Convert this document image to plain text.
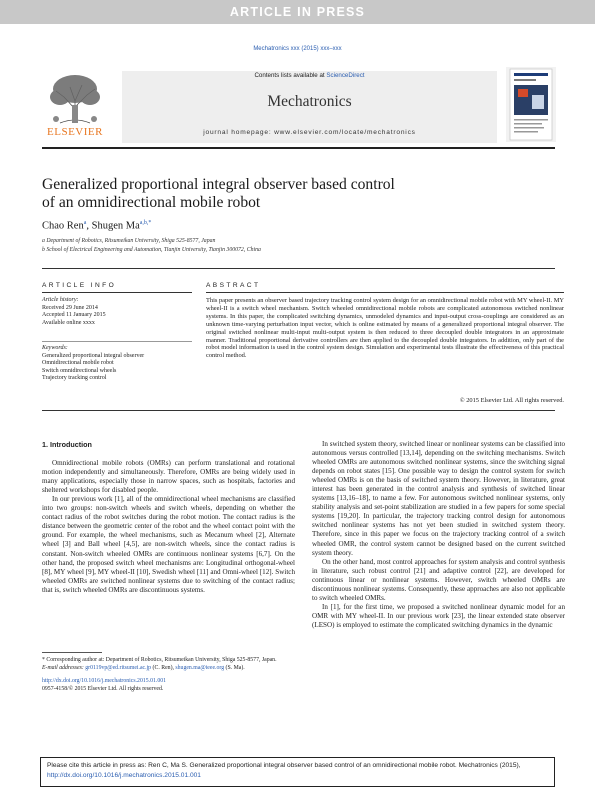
ARTICLE IN PRESS
Mechatronics xxx (2015) xxx–xxx
ELSEVIER
Contents lists available at ScienceDirect
Mechatronics
journal homepage: www.elsevier.com/locate/mechatronics
Generalized proportional integral observer based control
of an omnidirectional mobile robot
Chao Ren$^a$, Shugen $Ma^{a,b,*}$
a Department of Robotics, Ritsumeikan University, Shiga 525-8577, Japan
b School of Electrical Engineering and Automation, Tianjin University, Tianjin 300072, China
ARTICLE INFO	ABSTRACT
Article history:
Received 29 June 2014
Accepted 11 January 2015
Available online xxxx
Keywords:
Generalized proportional integral observer
Omnidirectional mobile robot
Switch omnidirectional wheels
Trajectory tracking control
This paper presents an observer based trajectory tracking control system design for an omnidirectional mobile robot with MY wheel-II. MY wheel-II is a switch wheel mechanism. Switch wheeled omnidirectional mobile robots are complicated autonomous switched nonlinear systems. In this paper, the complicated switching dynamics, unmodeled dynamics and input-output cross-couplings are considered as an unknown time-varying perturbation input vector, which is online estimated by means of a generalized proportional integral observer. The original switched nonlinear multi-input multi-output system is then reduced to three decoupled double integrators in an approximate manner. Traditional proportional derivative controllers are then applied to the decoupled double integrators. In addition, only part of the robot model information is used in the control system design. Simulation and experimental tests illustrate the effectiveness of this practical control method.
© 2015 Elsevier Ltd. All rights reserved.
1. Introduction

Omnidirectional mobile robots (OMRs) can perform translational and rotational motion independently and simultaneously. Therefore, OMRs are being widely used in many applications, especially those in narrow spaces, such as hospitals, factories and sheltered workshops for disabled people.

In our previous work [1], all of the omnidirectional wheel mechanisms are classified into two groups: non-switch wheels and switch wheels, depending on whether the contact radius of the robot switches during the robot motion. The contact radius is the distance between the geometric center of the robot and the wheel contact point with the ground. For example, the wheel mechanisms, such as Mecanum wheel [2], Alternate wheel [3] and Ball wheel [4,5], are non-switch wheels, since the contact radius is constant. Non-switch wheeled OMRs are continuous nonlinear systems [6,7]. On the other hand, the proposed switch wheel mechanisms are: Longitudinal orthogonal-wheel [8], MY wheel [9], MY wheel-II [10], Swedish wheel [11] and Omni-wheel [12]. Switch wheeled OMRs are switched nonlinear systems due to switching of the contact radius; that is, switch wheeled OMRs are discontinuous systems.

In switched system theory, switched linear or nonlinear systems can be classified into autonomous versus controlled [13,14], depending on the switching mechanisms. Switch wheeled OMRs are autonomous switched nonlinear systems, since the switching signal depends on robot states [15]. One possible way to design the control system for switch wheeled OMRs is on the basis of switched system theory. However, in literature, great interest has been generated in the control analysis and synthesis of switched linear systems [13,16–18], to name a few. For autonomous switched nonlinear systems, only stability analysis and set-point stabilization are studied in a few papers for some special systems [19,20]. In particular, the trajectory tracking control design for autonomous switched nonlinear systems has not yet been studied in switched system theory. Therefore, since in this paper we focus on the trajectory tracking control of a switch wheeled OMR, the control system cannot be designed based on the current switched system theory.

On the other hand, most control approaches for system analysis and control synthesis in literature, such robust control [21] and adaptive control [22], are developed for continuous linear or nonlinear systems. However, switch wheeled OMRs are discontinuous nonlinear systems. Consequently, these approaches are also not applicable to switch wheeled OMRs.

In [1], for the first time, we proposed a switched nonlinear dynamic model for an OMR with MY wheel-II. In our previous work [23], the linear extended state observer (LESO) is employed to estimate the complicated switching dynamics in the dynamic

* Corresponding author at: Department of Robotics, Ritsumeikan University, Shiga 525-8577, Japan.
E-mail addresses: gr0119vp@ed.ritsumei.ac.jp (C. Ren), shugen.ma@ieee.org (S. Ma).
http://dx.doi.org/10.1016/j.mechatronics.2015.01.001
0957-4158/© 2015 Elsevier Ltd. All rights reserved.
Please cite this article in press as: Ren C, Ma S. Generalized proportional integral observer based control of an omnidirectional mobile robot. Mechatronics (2015), http://dx.doi.org/10.1016/j.mechatronics.2015.01.001
